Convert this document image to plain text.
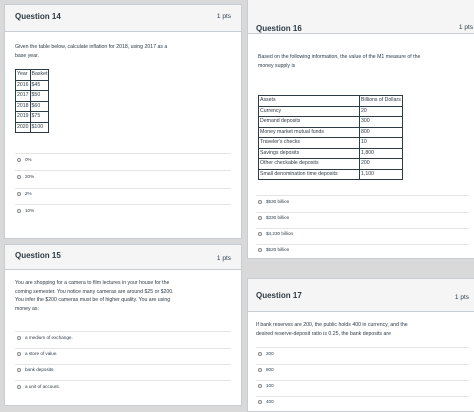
Question 14	1 pts
Given the table below, calculate inflation for 2018, using 2017 as a
base year.
Year	Basket
2016	$45
2017	$50
2018	$60
2019	$75
2020	$100
0%
20%
2%
10%
Question 15	1 pts
You are shopping for a camera to film lectures in your house for the
coming semester. You notice many cameras are around $25 or $200.
You infer the $200 cameras must be of higher quality. You are using
money as:
a medium of exchange.
a store of value.
bank deposits.
a unit of account.
Question 16	1 pts
Based on the following information, the value of the M1 measure of the
money supply is
Assets	Billions of Dollars
Currency	20
Demand deposits	300
Money market mutual funds	800
Traveler's checks	10
Savings deposits	1,800
Other checkable deposits	200
Small denomination time deposits	1,100
$530 billion
$330 billion
$4,230 billion
$520 billion
Question 17	1 pts
If bank reserves are 200, the public holds 400 in currency, and the
desired reserve-deposit ratio is 0.25, the bank deposits are
200
800
100
400
